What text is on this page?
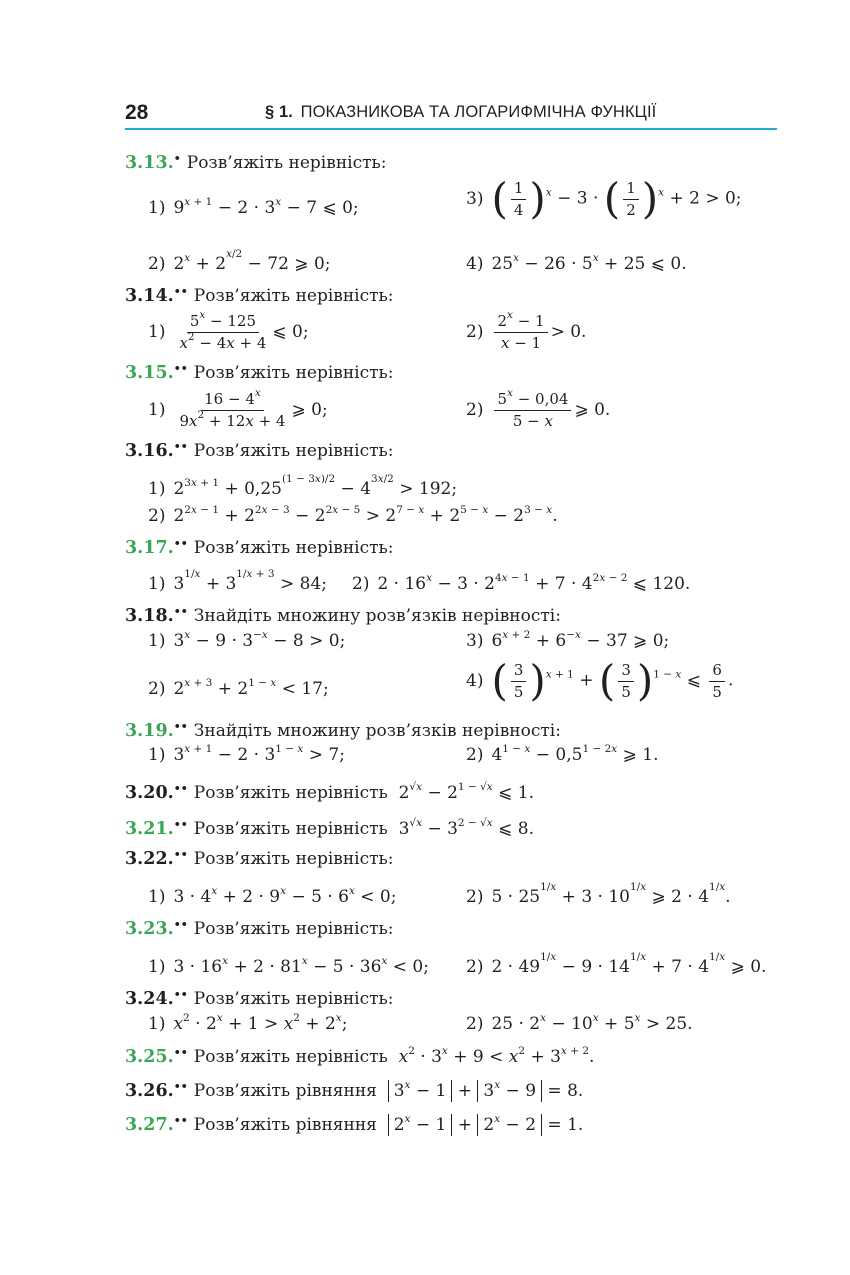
28	§ 1. ПОКАЗНИКОВА ТА ЛОГАРИФМІЧНА ФУНКЦІЇ
3.13.• Розв’яжіть нерівність:
1) $9^{x + 1} - 2 \cdot 3^x - 7$ ⩽ 0;	3) ( $\frac{1}{4} )^x - 3$ · ( $\frac{1}{2} )^x + 2 > 0$;
2) $2^x + 2^{x/2} - 72$ ⩾ 0;	4) $25^x - 26 \cdot 5^x + 25$ ⩽ 0.
3.14.•• Розв’яжіть нерівність:
$1) \frac{5^x - 125}{x^2 - 4x + 4}$ ⩽ 0;	$2) \frac{2^x - 1}{x - 1} > 0$.
3.15.•• Розв’яжіть нерівність:
$1) \frac{16 - 4^x}{9x^2 + 12x + 4}$ ⩾ 0;	$2) \frac{5^x - 0,04}{5 - x}$ ⩾ 0.
3.16.•• Розв’яжіть нерівність:
1) $2^{3x + 1} + 0,25^{(1 - 3x)/2} - 4^{3x/2} > 192$;
2) $2^{2x - 1} + 2^{2x - 3} - 2^{2x - 5} > 2^{7 - x} + 2^{5 - x} - 2^{3 - x}$.
3.17.•• Розв’яжіть нерівність:
1) $3^{1/x} + 3^{1/x + 3} > 84$; 2) $2 \cdot 16^x - 3 \cdot 2^{4x - 1} + 7 \cdot 4^{2x - 2}$ ⩽ 120.
3.18.•• Знайдіть множину розв’язків нерівності:
1) $3^x - 9 \cdot 3^{-x} - 8 > 0$;	3) $6^{x + 2} + 6^{-x} - 37$ ⩾ 0;
2) $2^{x + 3} + 2^{1 - x} < 17$;	4) ( $\frac{3}{5} )^{x + 1}$ + ( $\frac{3}{5} )^{1 - x}$ ⩽ $\frac{6}{5}$ .
3.19.•• Знайдіть множину розв’язків нерівності:
1) $3^{x + 1} - 2 \cdot 3^{1 - x} > 7$;	2) $4^{1 - x} - 0,5^{1 - 2x}$ ⩾ 1.
3.20.•• Розв’яжіть нерівність  $2^{√x} - 2^{1 - √x}$ ⩽ 1.
3.21.•• Розв’яжіть нерівність  $3^{√x} - 3^{2 - √x}$ ⩽ 8.
3.22.•• Розв’яжіть нерівність:
1) $3 \cdot 4^x + 2 \cdot 9^x - 5 \cdot 6^x < 0$;	2) $5 \cdot 25^{1/x} + 3 \cdot 10^{1/x}$ ⩾ $2 \cdot 4^{1/x}$.
3.23.•• Розв’яжіть нерівність:
1) $3 \cdot 16^x + 2 \cdot 81^x - 5 \cdot 36^x < 0$; 2) $2 \cdot 49^{1/x} - 9 \cdot 14^{1/x} + 7 \cdot 4^{1/x}$ ⩾ 0.
3.24.•• Розв’яжіть нерівність:
1) $x^2 \cdot 2^x + 1 > x^2 + 2^x$;	2) $25 \cdot 2^x - 10^x + 5^x > 25$.
3.25.•• Розв’яжіть нерівність $x^2 \cdot 3^x + 9 < x^2 + 3^{x + 2}$.
3.26.•• Розв’яжіть рівняння $3^x - 1 + 3^x - 9 = 8$.
3.27.•• Розв’яжіть рівняння $2^x - 1 + 2^x - 2 = 1$.
